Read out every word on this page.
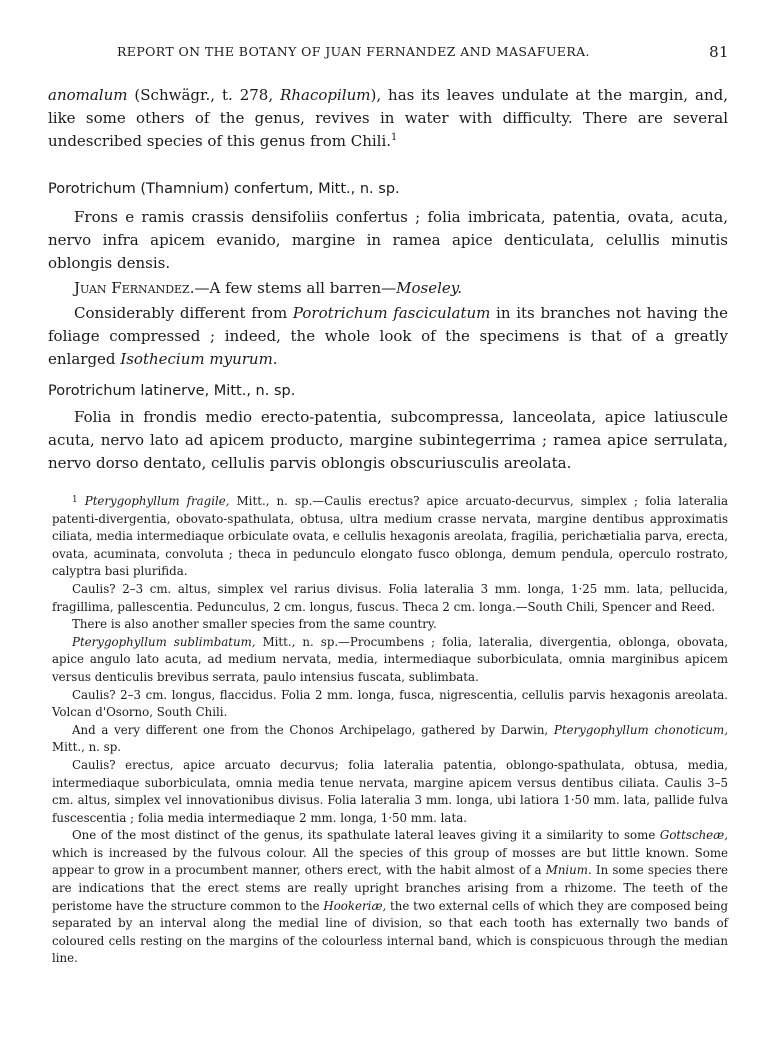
REPORT ON THE BOTANY OF JUAN FERNANDEZ AND MASAFUERA.	81

anomalum (Schwägr., t. 278, Rhacopilum), has its leaves undulate at the margin, and, like some others of the genus, revives in water with difficulty. There are several undescribed species of this genus from Chili.$^1$

Porotrichum (Thamnium) confertum, Mitt., n. sp.

Frons e ramis crassis densifoliis confertus ; folia imbricata, patentia, ovata, acuta, nervo infra apicem evanido, margine in ramea apice denticulata, celullis minutis oblongis densis.

Juan Fernandez.—A few stems all barren—Moseley.

Considerably different from Porotrichum fasciculatum in its branches not having the foliage compressed ; indeed, the whole look of the specimens is that of a greatly enlarged Isothecium myurum.

Porotrichum latinerve, Mitt., n. sp.

Folia in frondis medio erecto-patentia, subcompressa, lanceolata, apice latiuscule acuta, nervo lato ad apicem producto, margine subintegerrima ; ramea apice serrulata, nervo dorso dentato, cellulis parvis oblongis obscuriusculis areolata.

$^1$ Pterygophyllum fragile, Mitt., n. sp.—Caulis erectus? apice arcuato-decurvus, simplex ; folia lateralia patenti-divergentia, obovato-spathulata, obtusa, ultra medium crasse nervata, margine dentibus approximatis ciliata, media intermediaque orbiculate ovata, e cellulis hexagonis areolata, fragilia, perichætialia parva, erecta, ovata, acuminata, convoluta ; theca in pedunculo elongato fusco oblonga, demum pendula, operculo rostrato, calyptra basi plurifida.

Caulis? 2–3 cm. altus, simplex vel rarius divisus. Folia lateralia 3 mm. longa, 1·25 mm. lata, pellucida, fragillima, pallescentia. Pedunculus, 2 cm. longus, fuscus. Theca 2 cm. longa.—South Chili, Spencer and Reed.

There is also another smaller species from the same country.

Pterygophyllum sublimbatum, Mitt., n. sp.—Procumbens ; folia, lateralia, divergentia, oblonga, obovata, apice angulo lato acuta, ad medium nervata, media, intermediaque suborbiculata, omnia marginibus apicem versus denticulis brevibus serrata, paulo intensius fuscata, sublimbata.

Caulis? 2–3 cm. longus, flaccidus. Folia 2 mm. longa, fusca, nigrescentia, cellulis parvis hexagonis areolata. Volcan d'Osorno, South Chili.

And a very different one from the Chonos Archipelago, gathered by Darwin, Pterygophyllum chonoticum, Mitt., n. sp.

Caulis? erectus, apice arcuato decurvus; folia lateralia patentia, oblongo-spathulata, obtusa, media, intermediaque suborbiculata, omnia media tenue nervata, margine apicem versus dentibus ciliata. Caulis 3–5 cm. altus, simplex vel innovationibus divisus. Folia lateralia 3 mm. longa, ubi latiora 1·50 mm. lata, pallide fulva fuscescentia ; folia media intermediaque 2 mm. longa, 1·50 mm. lata.

One of the most distinct of the genus, its spathulate lateral leaves giving it a similarity to some Gottscheæ, which is increased by the fulvous colour. All the species of this group of mosses are but little known. Some appear to grow in a procumbent manner, others erect, with the habit almost of a Mnium. In some species there are indications that the erect stems are really upright branches arising from a rhizome. The teeth of the peristome have the structure common to the Hookeriæ, the two external cells of which they are composed being separated by an interval along the medial line of division, so that each tooth has externally two bands of coloured cells resting on the margins of the colourless internal band, which is conspicuous through the median line.
